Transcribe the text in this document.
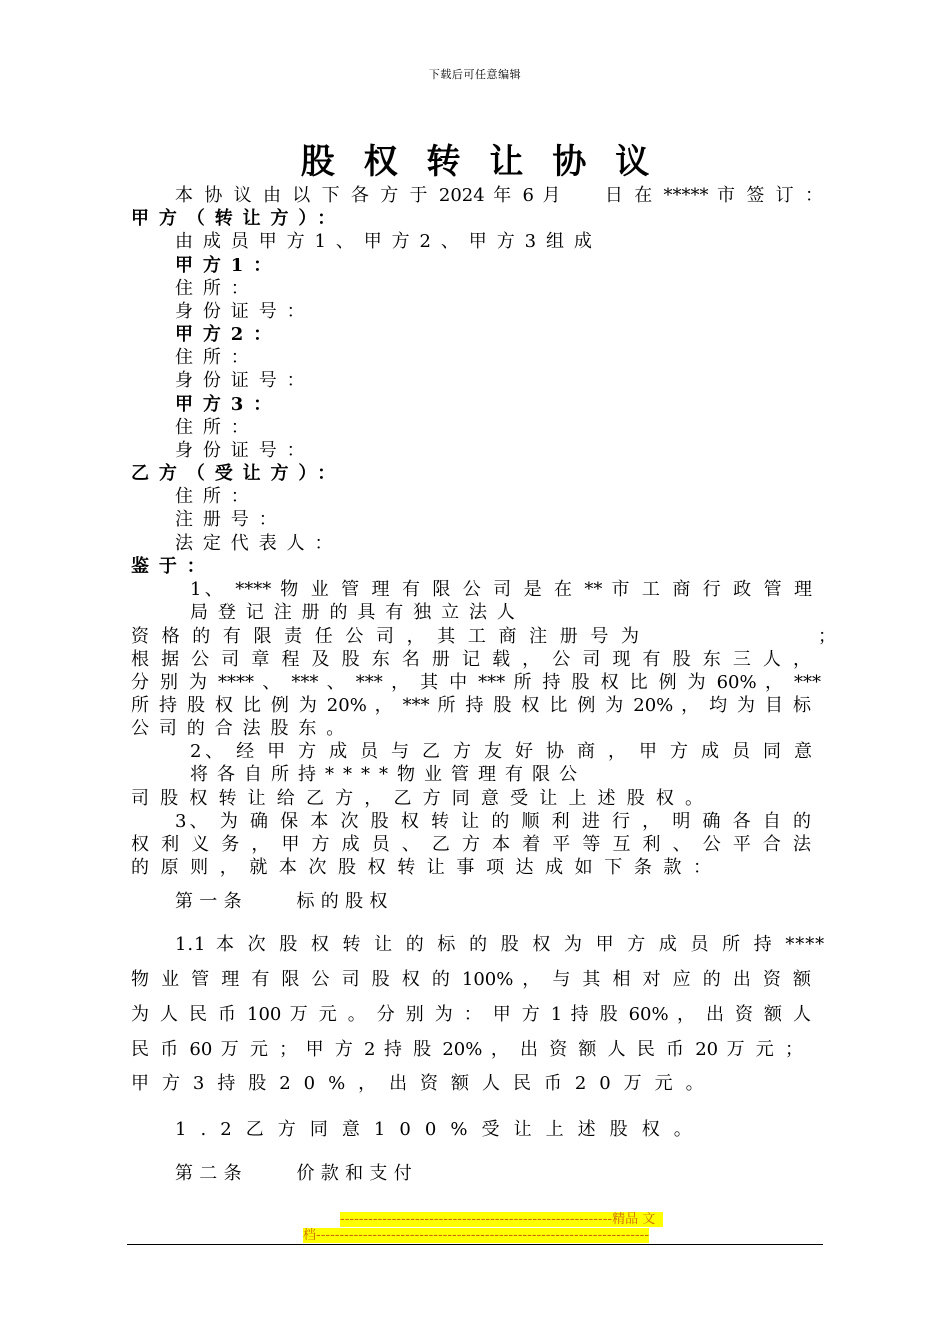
下载后可任意编辑
股权转让协议
本 协 议 由 以 下 各 方 于 2024 年 6 月　　日 在 ***** 市 签 订 ：
甲方（转让方）：
由成员甲方1、甲方2、甲方3组成
甲方1：
住所：
身份证号：
甲方2：
住所：
身份证号：
甲方3：
住所：
身份证号：
乙方（受让方）：
住所：
注册号：
法定代表人：
鉴于：
1、 **** 物 业 管 理 有 限 公 司 是 在 ** 市 工 商 行 政 管 理
局登记注册的具有独立法人
资 格 的 有 限 责 任 公 司 ， 其 工 商 注 册 号 为	；
根 据 公 司 章 程 及 股 东 名 册 记 载 ， 公 司 现 有 股 东 三 人 ，
分 别 为 **** 、 *** 、 *** ， 其 中 *** 所 持 股 权 比 例 为 60% ， ***
所 持 股 权 比 例 为 20% ， *** 所 持 股 权 比 例 为 20% ， 均 为 目 标
公司的合法股东。
2、 经 甲 方 成 员 与 乙 方 友 好 协 商 ， 甲 方 成 员 同 意
将各自所持****物业管理有限公
司股权转让给乙方，乙方同意受让上述股权。
3、 为 确 保 本 次 股 权 转 让 的 顺 利 进 行 ， 明 确 各 自 的
权 利 义 务 ， 甲 方 成 员 、 乙 方 本 着 平 等 互 利 、 公 平 合 法
的 原 则 ， 就 本 次 股 权 转 让 事 项 达 成 如 下 条 款 ：
第一条　　标的股权
1.1 本 次 股 权 转 让 的 标 的 股 权 为 甲 方 成 员 所 持 ****
物 业 管 理 有 限 公 司 股 权 的 100% ， 与 其 相 对 应 的 出 资 额
为 人 民 币 100 万 元 。 分 别 为 ： 甲 方 1 持 股 60% ， 出 资 额 人
民 币 60 万 元 ； 甲 方 2 持 股 20% ， 出 资 额 人 民 币 20 万 元 ；
甲方3持股20%，出资额人民币20万元。
1.2乙方同意100%受让上述股权。
第二条　　价款和支付
----------------------------------------------------------精品 文
档-----------------------------------------------------------------------
